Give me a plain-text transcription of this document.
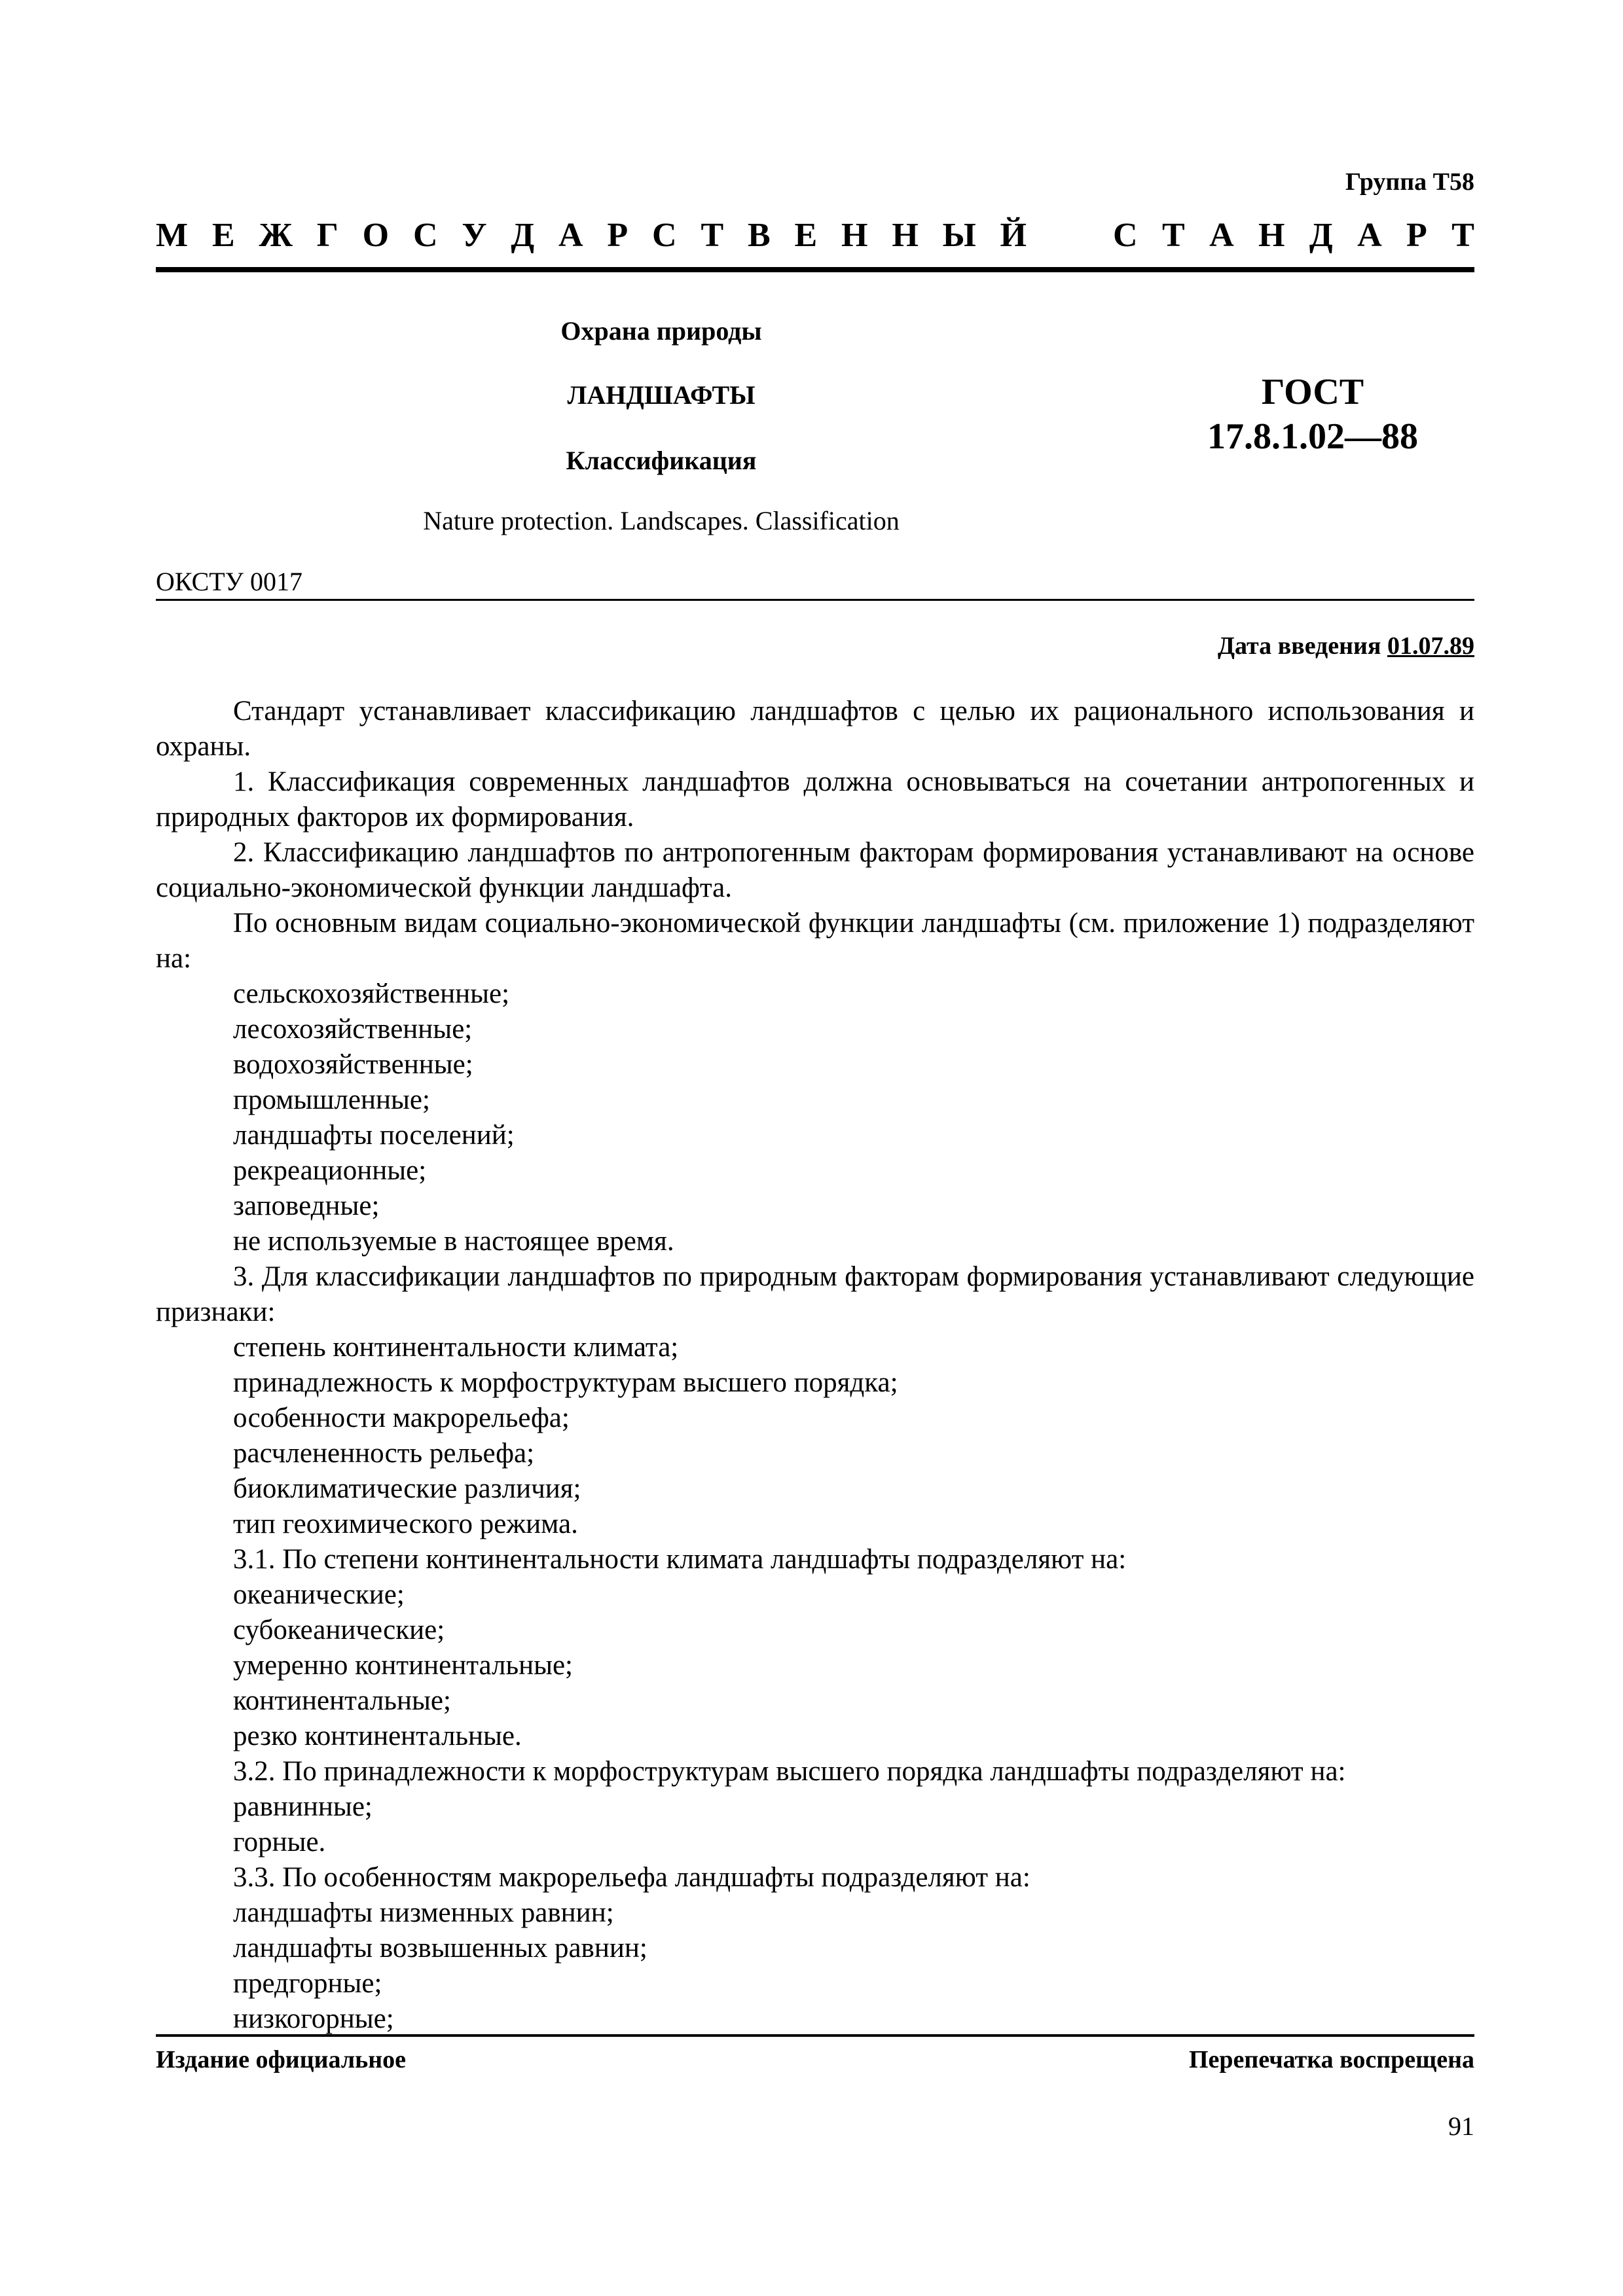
Группа Т58
М Е Ж Г О С У Д А Р С Т В Е Н Н Ы Й	С Т А Н Д А Р Т
Охрана природы
ЛАНДШАФТЫ
Классификация
ГОСТ
17.8.1.02—88
Nature protection. Landscapes. Classification
ОКСТУ 0017
Дата введения 01.07.89

Стандарт устанавливает классификацию ландшафтов с целью их рационального использования и охраны.

1. Классификация современных ландшафтов должна основываться на сочетании антропогенных и природных факторов их формирования.

2. Классификацию ландшафтов по антропогенным факторам формирования устанавливают на основе социально-экономической функции ландшафта.

По основным видам социально-экономической функции ландшафты (см. приложение 1) подразделяют на:

сельскохозяйственные;

лесохозяйственные;

водохозяйственные;

промышленные;

ландшафты поселений;

рекреационные;

заповедные;

не используемые в настоящее время.

3. Для классификации ландшафтов по природным факторам формирования устанавливают следующие признаки:

степень континентальности климата;

принадлежность к морфоструктурам высшего порядка;

особенности макрорельефа;

расчлененность рельефа;

биоклиматические различия;

тип геохимического режима.

3.1. По степени континентальности климата ландшафты подразделяют на:

океанические;

субокеанические;

умеренно континентальные;

континентальные;

резко континентальные.

3.2. По принадлежности к морфоструктурам высшего порядка ландшафты подразделяют на:

равнинные;

горные.

3.3. По особенностям макрорельефа ландшафты подразделяют на:

ландшафты низменных равнин;

ландшафты возвышенных равнин;

предгорные;

низкогорные;

Издание официальное	Перепечатка воспрещена
91
